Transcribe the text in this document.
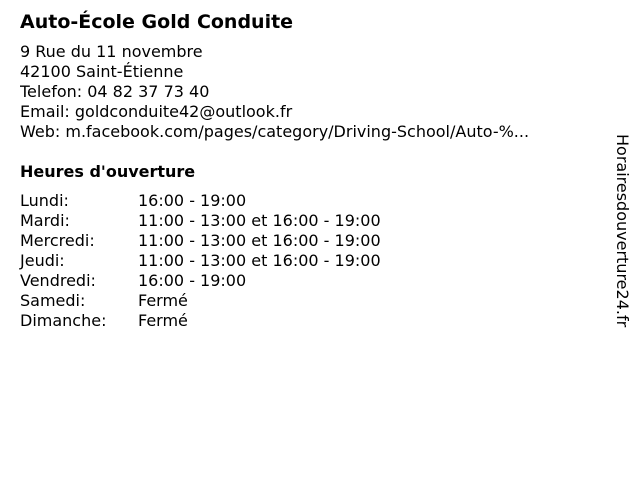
Auto-École Gold Conduite
9 Rue du 11 novembre
42100 Saint-Étienne
Telefon: 04 82 37 73 40
Email: goldconduite42@outlook.fr
Web: m.facebook.com/pages/category/Driving-School/Auto-%...
Heures d'ouverture
Lundi:	16:00 - 19:00
Mardi:	11:00 - 13:00 et 16:00 - 19:00
Mercredi:	11:00 - 13:00 et 16:00 - 19:00
Jeudi:	11:00 - 13:00 et 16:00 - 19:00
Vendredi:	16:00 - 19:00
Samedi:	Fermé
Dimanche:	Fermé	Horairesdouverture24.fr
